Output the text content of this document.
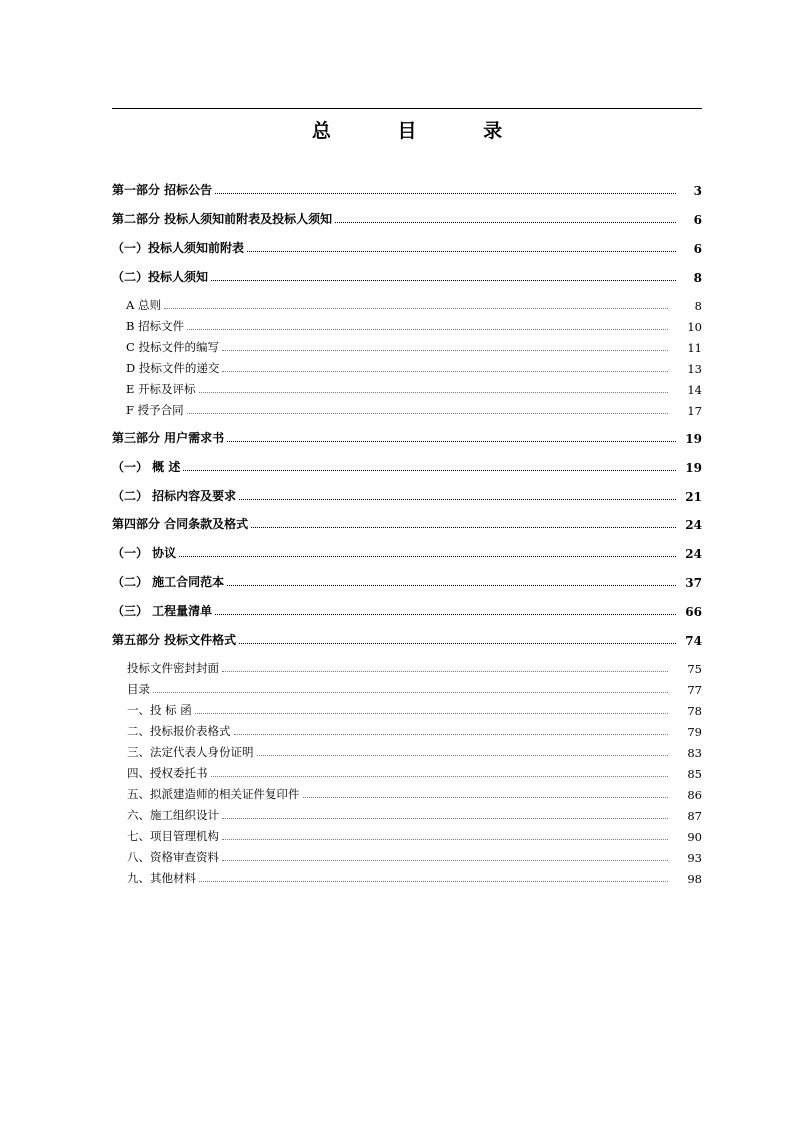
总 目 录
第一部分 招标公告	3
第二部分 投标人须知前附表及投标人须知	6
（一）投标人须知前附表	6
（二）投标人须知	8
A 总则	8
B 招标文件	10
C 投标文件的编写	11
D 投标文件的递交	13
E 开标及评标	14
F 授予合同	17
第三部分 用户需求书	19
（一） 概 述	19
（二） 招标内容及要求	21
第四部分 合同条款及格式	24
（一） 协议	24
（二） 施工合同范本	37
（三） 工程量清单	66
第五部分 投标文件格式	74
投标文件密封封面	75
目录	77
一、投 标 函	78
二、投标报价表格式	79
三、法定代表人身份证明	83
四、授权委托书	85
五、拟派建造师的相关证件复印件	86
六、施工组织设计	87
七、项目管理机构	90
八、资格审查资料	93
九、其他材料	98
